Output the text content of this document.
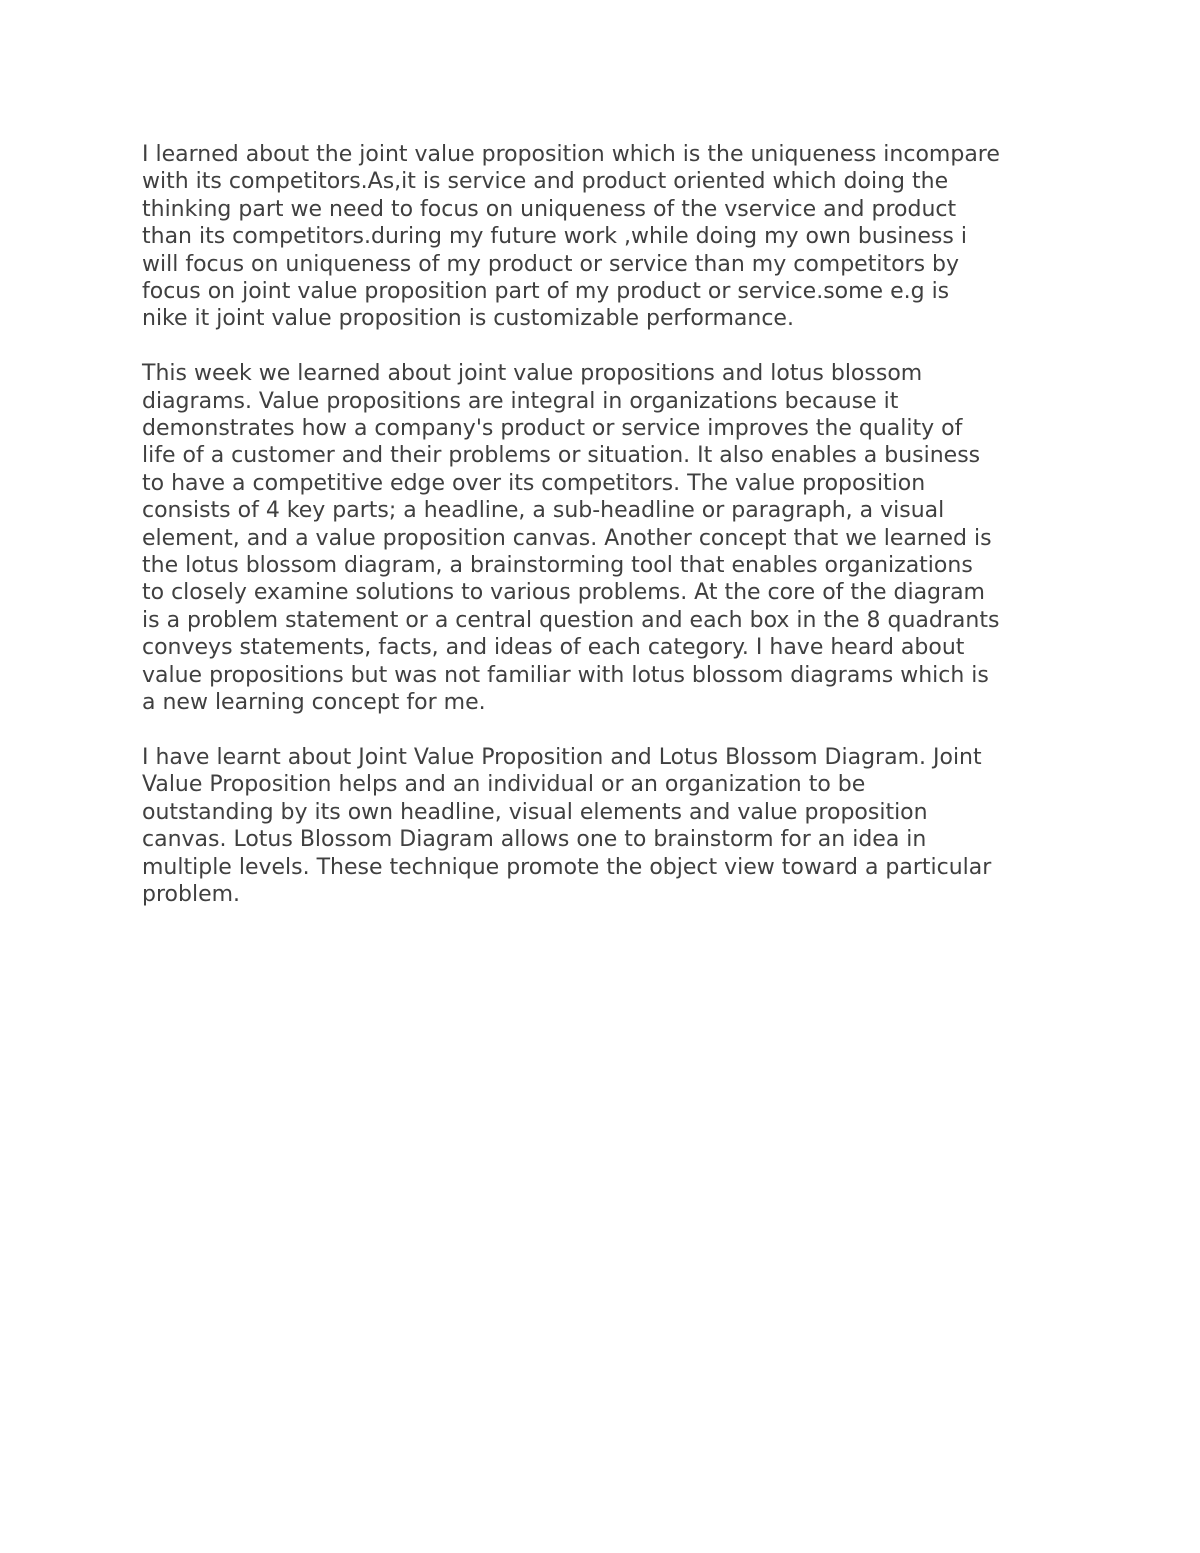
I learned about the joint value proposition which is the uniqueness incompare
with its competitors.As,it is service and product oriented which doing the
thinking part we need to focus on uniqueness of the vservice and product
than its competitors.during my future work ,while doing my own business i
will focus on uniqueness of my product or service than my competitors by
focus on joint value proposition part of my product or service.some e.g is
nike it joint value proposition is customizable performance.

This week we learned about joint value propositions and lotus blossom
diagrams. Value propositions are integral in organizations because it
demonstrates how a company's product or service improves the quality of
life of a customer and their problems or situation. It also enables a business
to have a competitive edge over its competitors. The value proposition
consists of 4 key parts; a headline, a sub-headline or paragraph, a visual
element, and a value proposition canvas. Another concept that we learned is
the lotus blossom diagram, a brainstorming tool that enables organizations
to closely examine solutions to various problems. At the core of the diagram
is a problem statement or a central question and each box in the 8 quadrants
conveys statements, facts, and ideas of each category. I have heard about
value propositions but was not familiar with lotus blossom diagrams which is
a new learning concept for me.

I have learnt about Joint Value Proposition and Lotus Blossom Diagram. Joint
Value Proposition helps and an individual or an organization to be
outstanding by its own headline, visual elements and value proposition
canvas. Lotus Blossom Diagram allows one to brainstorm for an idea in
multiple levels. These technique promote the object view toward a particular
problem.
